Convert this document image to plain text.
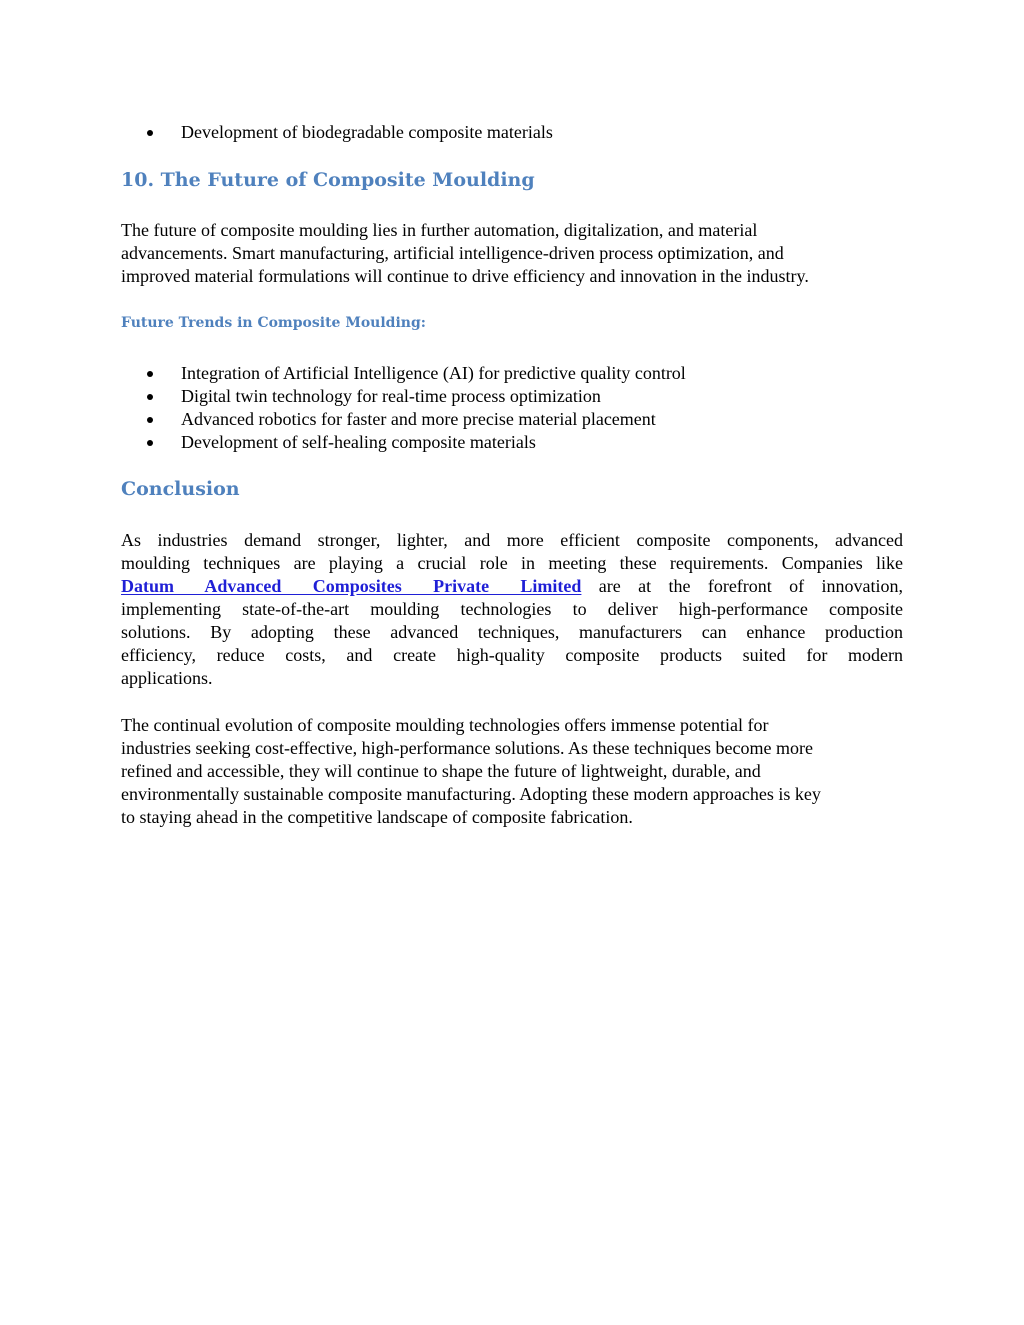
Development of biodegradable composite materials
10. The Future of Composite Moulding

The future of composite moulding lies in further automation, digitalization, and material
advancements. Smart manufacturing, artificial intelligence-driven process optimization, and
improved material formulations will continue to drive efficiency and innovation in the industry.

Future Trends in Composite Moulding:
Integration of Artificial Intelligence (AI) for predictive quality control
Digital twin technology for real-time process optimization
Advanced robotics for faster and more precise material placement
Development of self-healing composite materials
Conclusion

As industries demand stronger, lighter, and more efficient composite components, advanced
moulding techniques are playing a crucial role in meeting these requirements. Companies like
Datum Advanced Composites Private Limited are at the forefront of innovation,
implementing state-of-the-art moulding technologies to deliver high-performance composite
solutions. By adopting these advanced techniques, manufacturers can enhance production
efficiency, reduce costs, and create high-quality composite products suited for modern
applications.

The continual evolution of composite moulding technologies offers immense potential for
industries seeking cost-effective, high-performance solutions. As these techniques become more
refined and accessible, they will continue to shape the future of lightweight, durable, and
environmentally sustainable composite manufacturing. Adopting these modern approaches is key
to staying ahead in the competitive landscape of composite fabrication.
